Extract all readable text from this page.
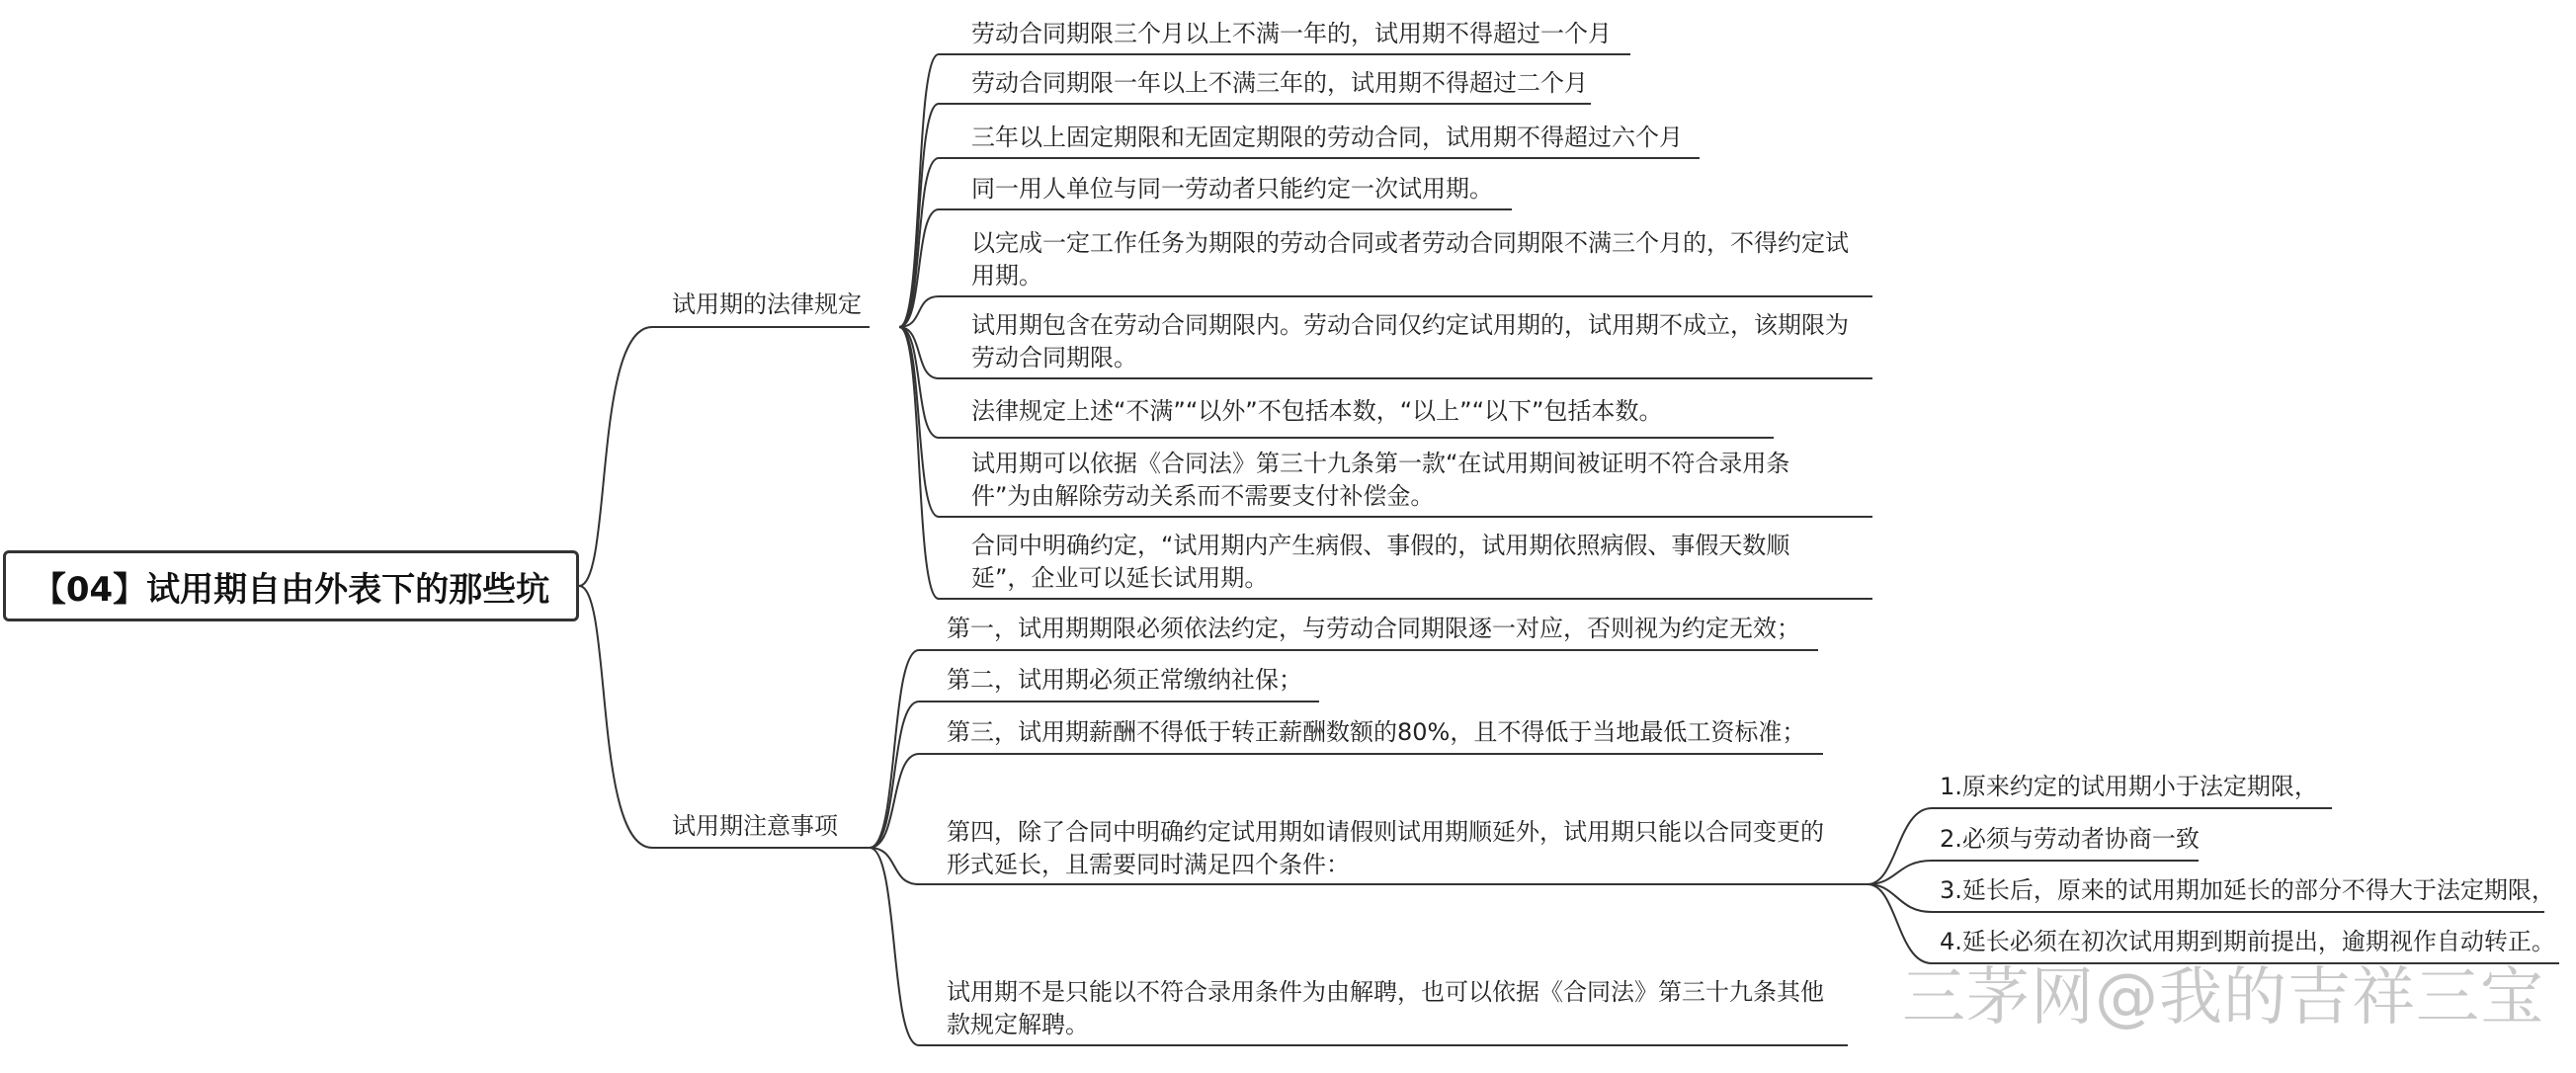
【04】试用期自由外表下的那些坑
试用期的法律规定
试用期注意事项
劳动合同期限三个月以上不满一年的，试用期不得超过一个月
劳动合同期限一年以上不满三年的，试用期不得超过二个月
三年以上固定期限和无固定期限的劳动合同，试用期不得超过六个月
同一用人单位与同一劳动者只能约定一次试用期。
以完成一定工作任务为期限的劳动合同或者劳动合同期限不满三个月的，不得约定试用期。
试用期包含在劳动合同期限内。劳动合同仅约定试用期的，试用期不成立，该期限为劳动合同期限。
法律规定上述“不满”“以外”不包括本数，“以上”“以下”包括本数。
试用期可以依据《合同法》第三十九条第一款“在试用期间被证明不符合录用条件”为由解除劳动关系而不需要支付补偿金。
合同中明确约定，“试用期内产生病假、事假的，试用期依照病假、事假天数顺延”，企业可以延长试用期。
第一，试用期期限必须依法约定，与劳动合同期限逐一对应，否则视为约定无效；
第二，试用期必须正常缴纳社保；
第三，试用期薪酬不得低于转正薪酬数额的80%，且不得低于当地最低工资标准；
第四，除了合同中明确约定试用期如请假则试用期顺延外，试用期只能以合同变更的形式延长，且需要同时满足四个条件：
试用期不是只能以不符合录用条件为由解聘，也可以依据《合同法》第三十九条其他款规定解聘。
1.原来约定的试用期小于法定期限，
2.必须与劳动者协商一致
3.延长后，原来的试用期加延长的部分不得大于法定期限，
4.延长必须在初次试用期到期前提出，逾期视作自动转正。
三茅网@我的吉祥三宝
